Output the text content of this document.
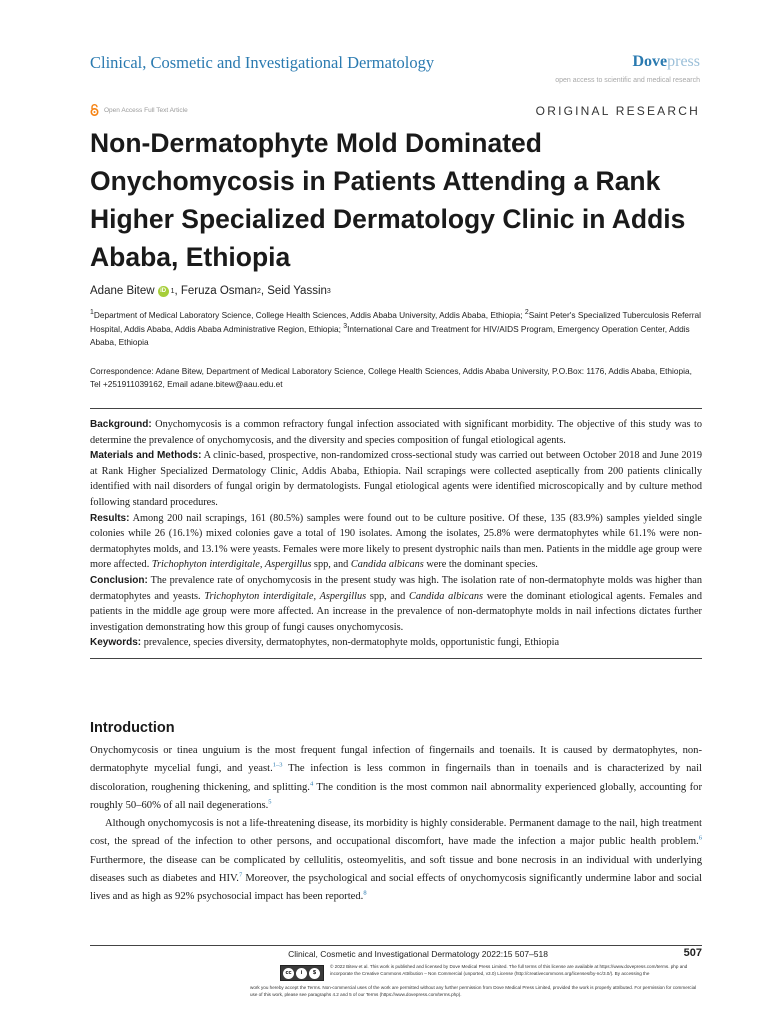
Clinical, Cosmetic and Investigational Dermatology	Dovepress
open access to scientific and medical research
Open Access Full Text Article	ORIGINAL RESEARCH
Non-Dermatophyte Mold Dominated Onychomycosis in Patients Attending a Rank Higher Specialized Dermatology Clinic in Addis Ababa, Ethiopia
Adane Bitew iD 1 , Feruza Osman 2 , Seid Yassin 3
$^1$Department of Medical Laboratory Science, College Health Sciences, Addis Ababa University, Addis Ababa, Ethiopia; $^2$Saint Peter's Specialized Tuberculosis Referral Hospital, Addis Ababa, Addis Ababa Administrative Region, Ethiopia; $^3$International Care and Treatment for HIV/AIDS Program, Emergency Operation Center, Addis Ababa, Ethiopia
Correspondence: Adane Bitew, Department of Medical Laboratory Science, College Health Sciences, Addis Ababa University, P.O.Box: 1176, Addis Ababa, Ethiopia, Tel +251911039162, Email adane.bitew@aau.edu.et

Background: Onychomycosis is a common refractory fungal infection associated with significant morbidity. The objective of this study was to determine the prevalence of onychomycosis, and the diversity and species composition of fungal etiological agents.

Materials and Methods: A clinic-based, prospective, non-randomized cross-sectional study was carried out between October 2018 and June 2019 at Rank Higher Specialized Dermatology Clinic, Addis Ababa, Ethiopia. Nail scrapings were collected aseptically from 200 patients clinically identified with nail disorders of fungal origin by dermatologists. Fungal etiological agents were identified microscopically and by culture method following standard procedures.

Results: Among 200 nail scrapings, 161 (80.5%) samples were found out to be culture positive. Of these, 135 (83.9%) samples yielded single colonies while 26 (16.1%) mixed colonies gave a total of 190 isolates. Among the isolates, 25.8% were dermatophytes while 61.1% were non- dermatophytes molds, and 13.1% were yeasts. Females were more likely to present dystrophic nails than men. Patients in the middle age group were more affected. Trichophyton interdigitale, Aspergillus spp, and Candida albicans were the dominant species.

Conclusion: The prevalence rate of onychomycosis in the present study was high. The isolation rate of non-dermatophyte molds was higher than dermatophytes and yeasts. Trichophyton interdigitale, Aspergillus spp, and Candida albicans were the dominant etiological agents. Females and patients in the middle age group were more affected. An increase in the prevalence of non-dermatophyte molds in nail infections dictates further investigation demonstrating how this group of fungi causes onychomycosis.

Keywords: prevalence, species diversity, dermatophytes, non-dermatophyte molds, opportunistic fungi, Ethiopia

Introduction

Onychomycosis or tinea unguium is the most frequent fungal infection of fingernails and toenails. It is caused by dermatophytes, non-dermatophyte mycelial fungi, and yeast.$^{1-3}$ The infection is less common in fingernails than in toenails and is characterized by nail discoloration, roughening thickening, and splitting.$^4$ The condition is the most common nail abnormality experienced globally, accounting for roughly 50–60% of all nail degenerations.$^5$

Although onychomycosis is not a life-threatening disease, its morbidity is highly considerable. Permanent damage to the nail, high treatment cost, the spread of the infection to other persons, and occupational discomfort, have made the infection a major public health problem.$^6$ Furthermore, the disease can be complicated by cellulitis, osteomyelitis, and soft tissue and bone necrosis in an individual with underlying diseases such as diabetes and HIV.$^7$ Moreover, the psychological and social effects of onychomycosis significantly undermine labor and social lives and as high as 92% psychosocial impact has been reported.$^8$

Clinical, Cosmetic and Investigational Dermatology 2022:15 507–518	507
cc	i	$
© 2022 Bitew et al. This work is published and licensed by Dove Medical Press Limited. The full terms of this license are available at https://www.dovepress.com/terms. php and incorporate the Creative Commons Attribution – Non Commercial (unported, v3.0) License (http://creativecommons.org/licenses/by-nc/3.0/). By accessing the
work you hereby accept the Terms. Non-commercial uses of the work are permitted without any further permission from Dove Medical Press Limited, provided the work is properly attributed. For permission for commercial use of this work, please see paragraphs 4.2 and 5 of our Terms (https://www.dovepress.com/terms.php).
